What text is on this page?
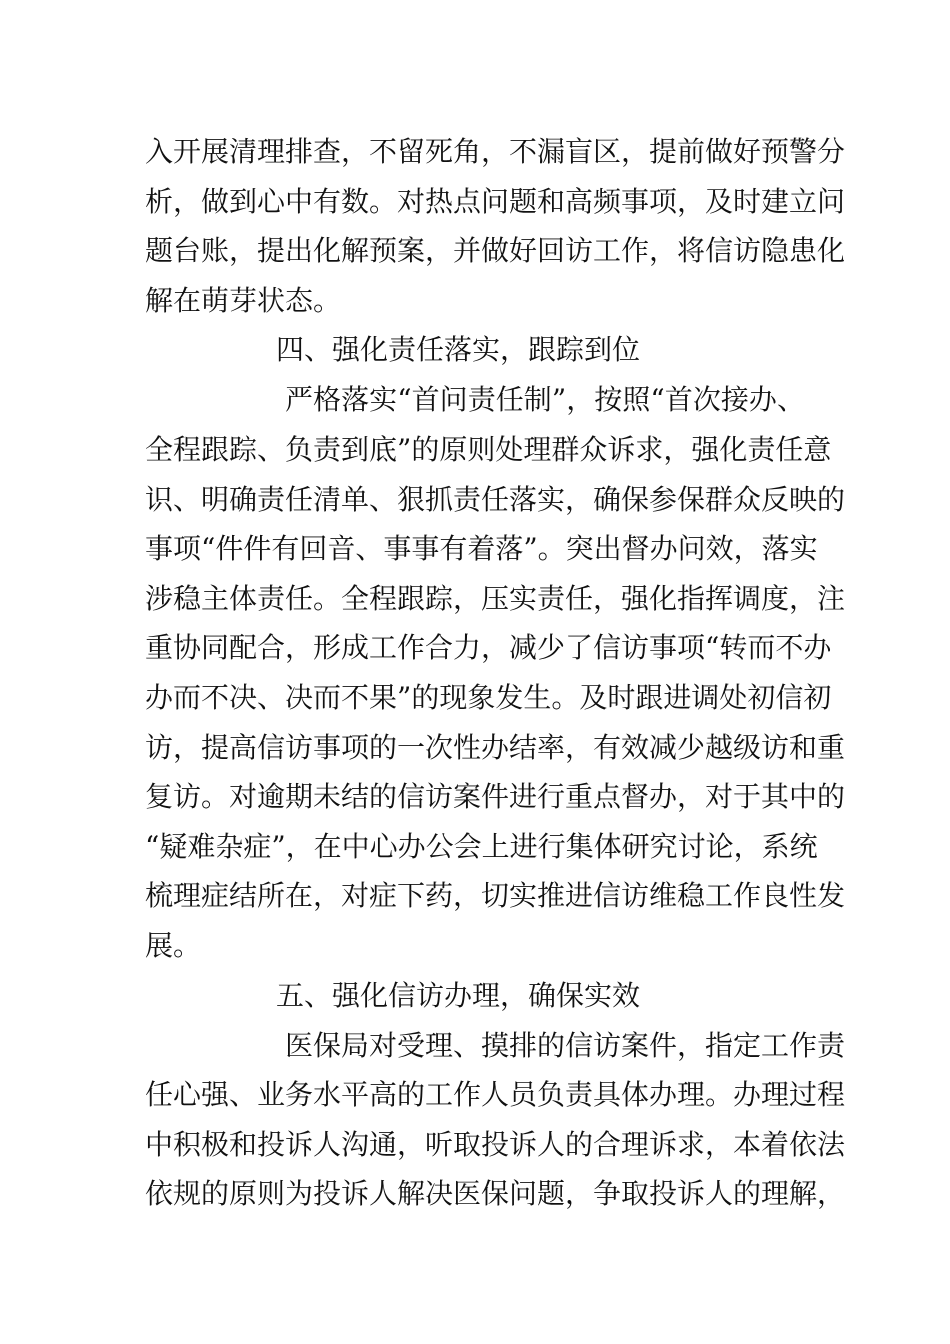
入开展清理排查，不留死角，不漏盲区，提前做好预警分
析，做到心中有数。对热点问题和高频事项，及时建立问
题台账，提出化解预案，并做好回访工作，将信访隐患化
解在萌芽状态。
四、强化责任落实，跟踪到位
严格落实“首问责任制”，按照“首次接办、
全程跟踪、负责到底”的原则处理群众诉求，强化责任意
识、明确责任清单、狠抓责任落实，确保参保群众反映的
事项“件件有回音、事事有着落”。突出督办问效，落实
涉稳主体责任。全程跟踪，压实责任，强化指挥调度，注
重协同配合，形成工作合力，减少了信访事项“转而不办
办而不决、决而不果”的现象发生。及时跟进调处初信初
访，提高信访事项的一次性办结率，有效减少越级访和重
复访。对逾期未结的信访案件进行重点督办，对于其中的
“疑难杂症”，在中心办公会上进行集体研究讨论，系统
梳理症结所在，对症下药，切实推进信访维稳工作良性发
展。
五、强化信访办理，确保实效
医保局对受理、摸排的信访案件，指定工作责
任心强、业务水平高的工作人员负责具体办理。办理过程
中积极和投诉人沟通，听取投诉人的合理诉求，本着依法
依规的原则为投诉人解决医保问题，争取投诉人的理解，
